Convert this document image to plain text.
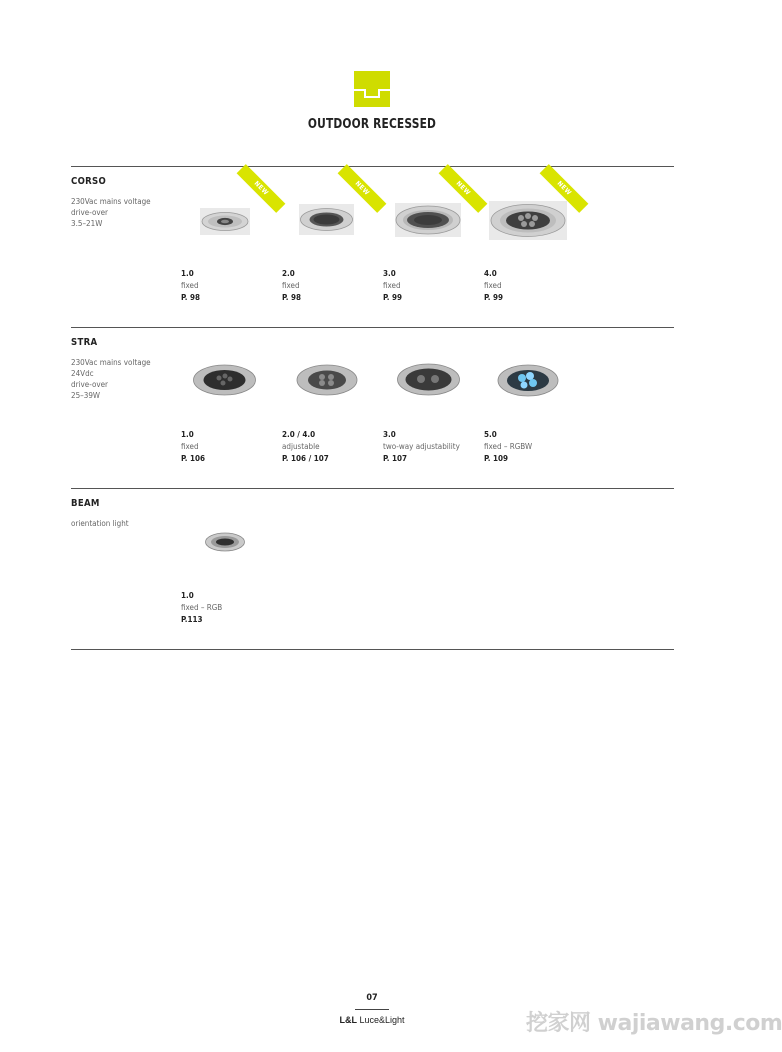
OUTDOOR RECESSED
CORSO
230Vac mains voltage
drive-over
3.5–21W
NEW	NEW	NEW	NEW
1.0
fixed
P. 98
2.0
fixed
P. 98
3.0
fixed
P. 99
4.0
fixed
P. 99
STRA
230Vac mains voltage
24Vdc
drive-over
25–39W
1.0
fixed
P. 106
2.0 / 4.0
adjustable
P. 106 / 107
3.0
two-way adjustability
P. 107
5.0
fixed – RGBW
P. 109
BEAM
orientation light
1.0
fixed – RGB
P.113
07
L&L Luce&Light	挖家网 wajiawang.com
